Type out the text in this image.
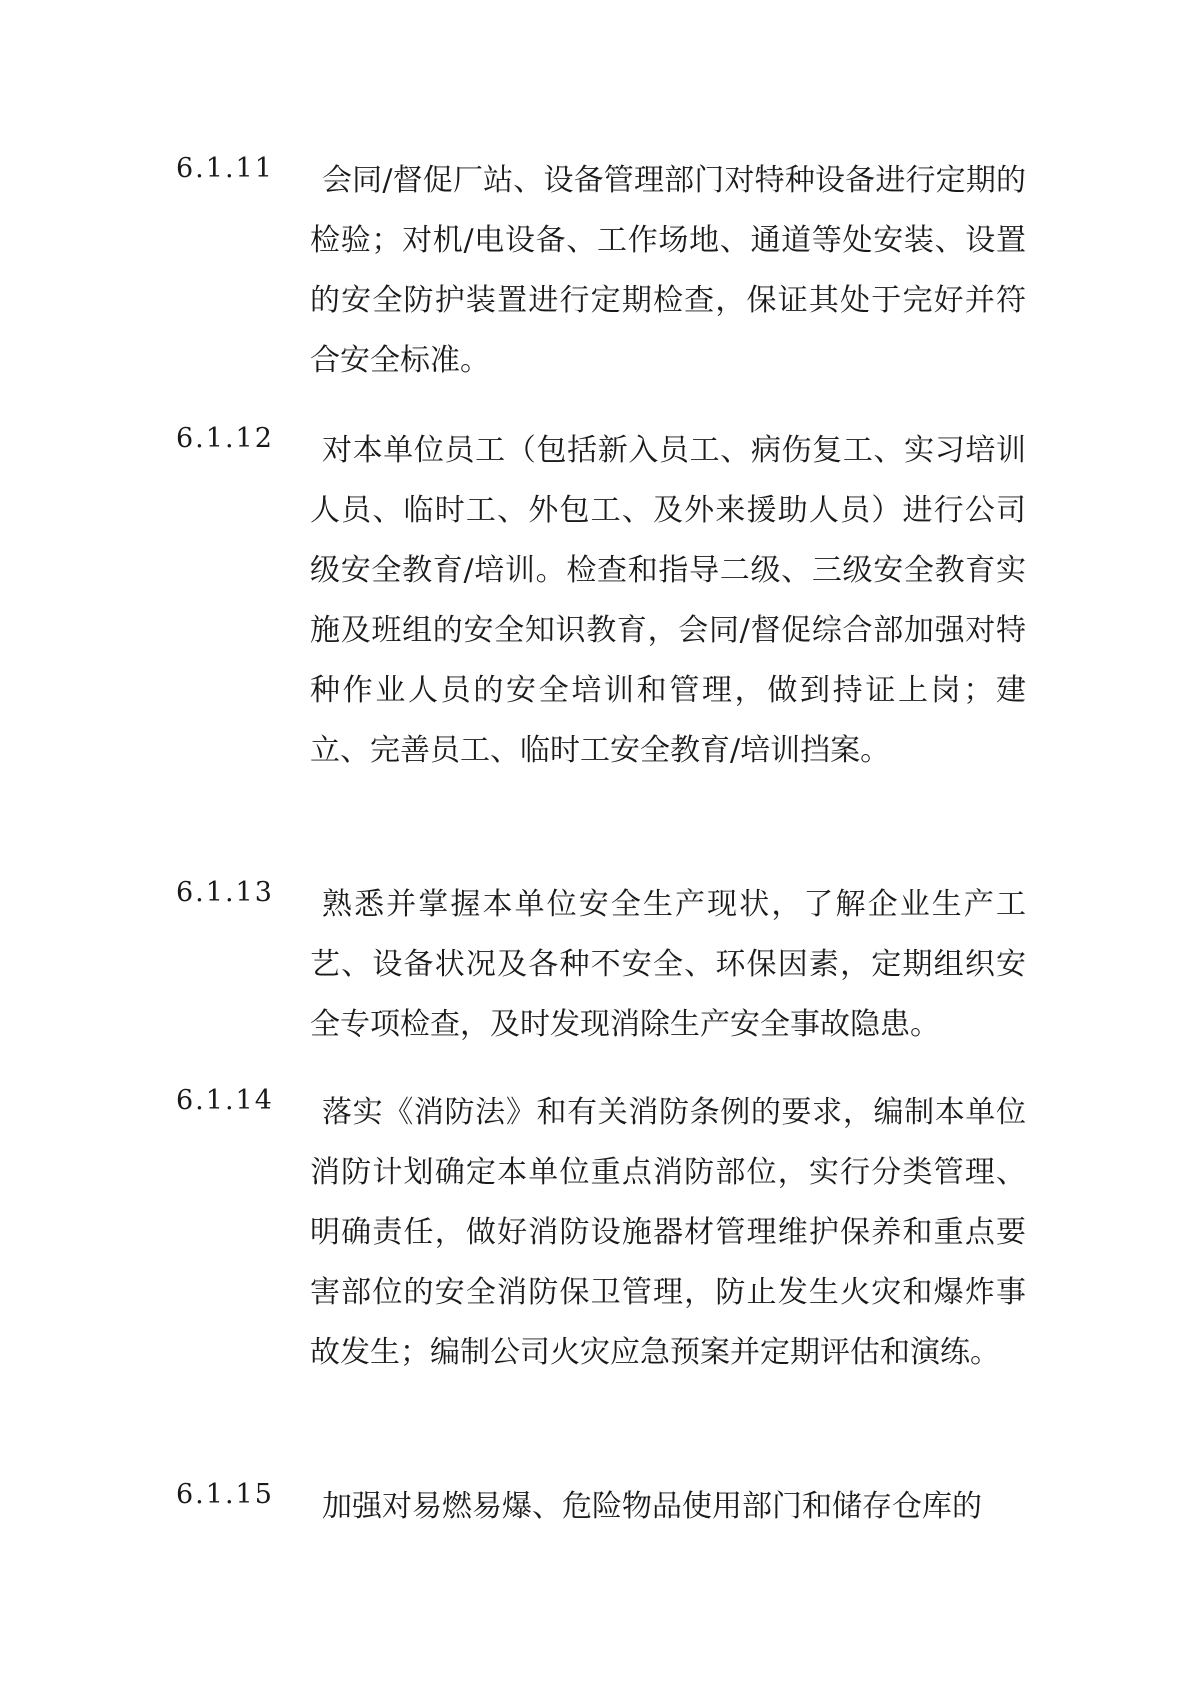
6.1.11	会同/督促厂站、设备管理部门对特种设备进行定期的检验；对机/电设备、工作场地、通道等处安装、设置的安全防护装置进行定期检查，保证其处于完好并符合安全标准。

6.1.12	对本单位员工（包括新入员工、病伤复工、实习培训人员、临时工、外包工、及外来援助人员）进行公司级安全教育/培训。检查和指导二级、三级安全教育实施及班组的安全知识教育，会同/督促综合部加强对特种作业人员的安全培训和管理，做到持证上岗；建立、完善员工、临时工安全教育/培训挡案。

6.1.13	熟悉并掌握本单位安全生产现状，了解企业生产工艺、设备状况及各种不安全、环保因素，定期组织安全专项检查，及时发现消除生产安全事故隐患。

6.1.14	落实《消防法》和有关消防条例的要求，编制本单位消防计划确定本单位重点消防部位，实行分类管理、明确责任，做好消防设施器材管理维护保养和重点要害部位的安全消防保卫管理，防止发生火灾和爆炸事故发生；编制公司火灾应急预案并定期评估和演练。

6.1.15	加强对易燃易爆、危险物品使用部门和储存仓库的
